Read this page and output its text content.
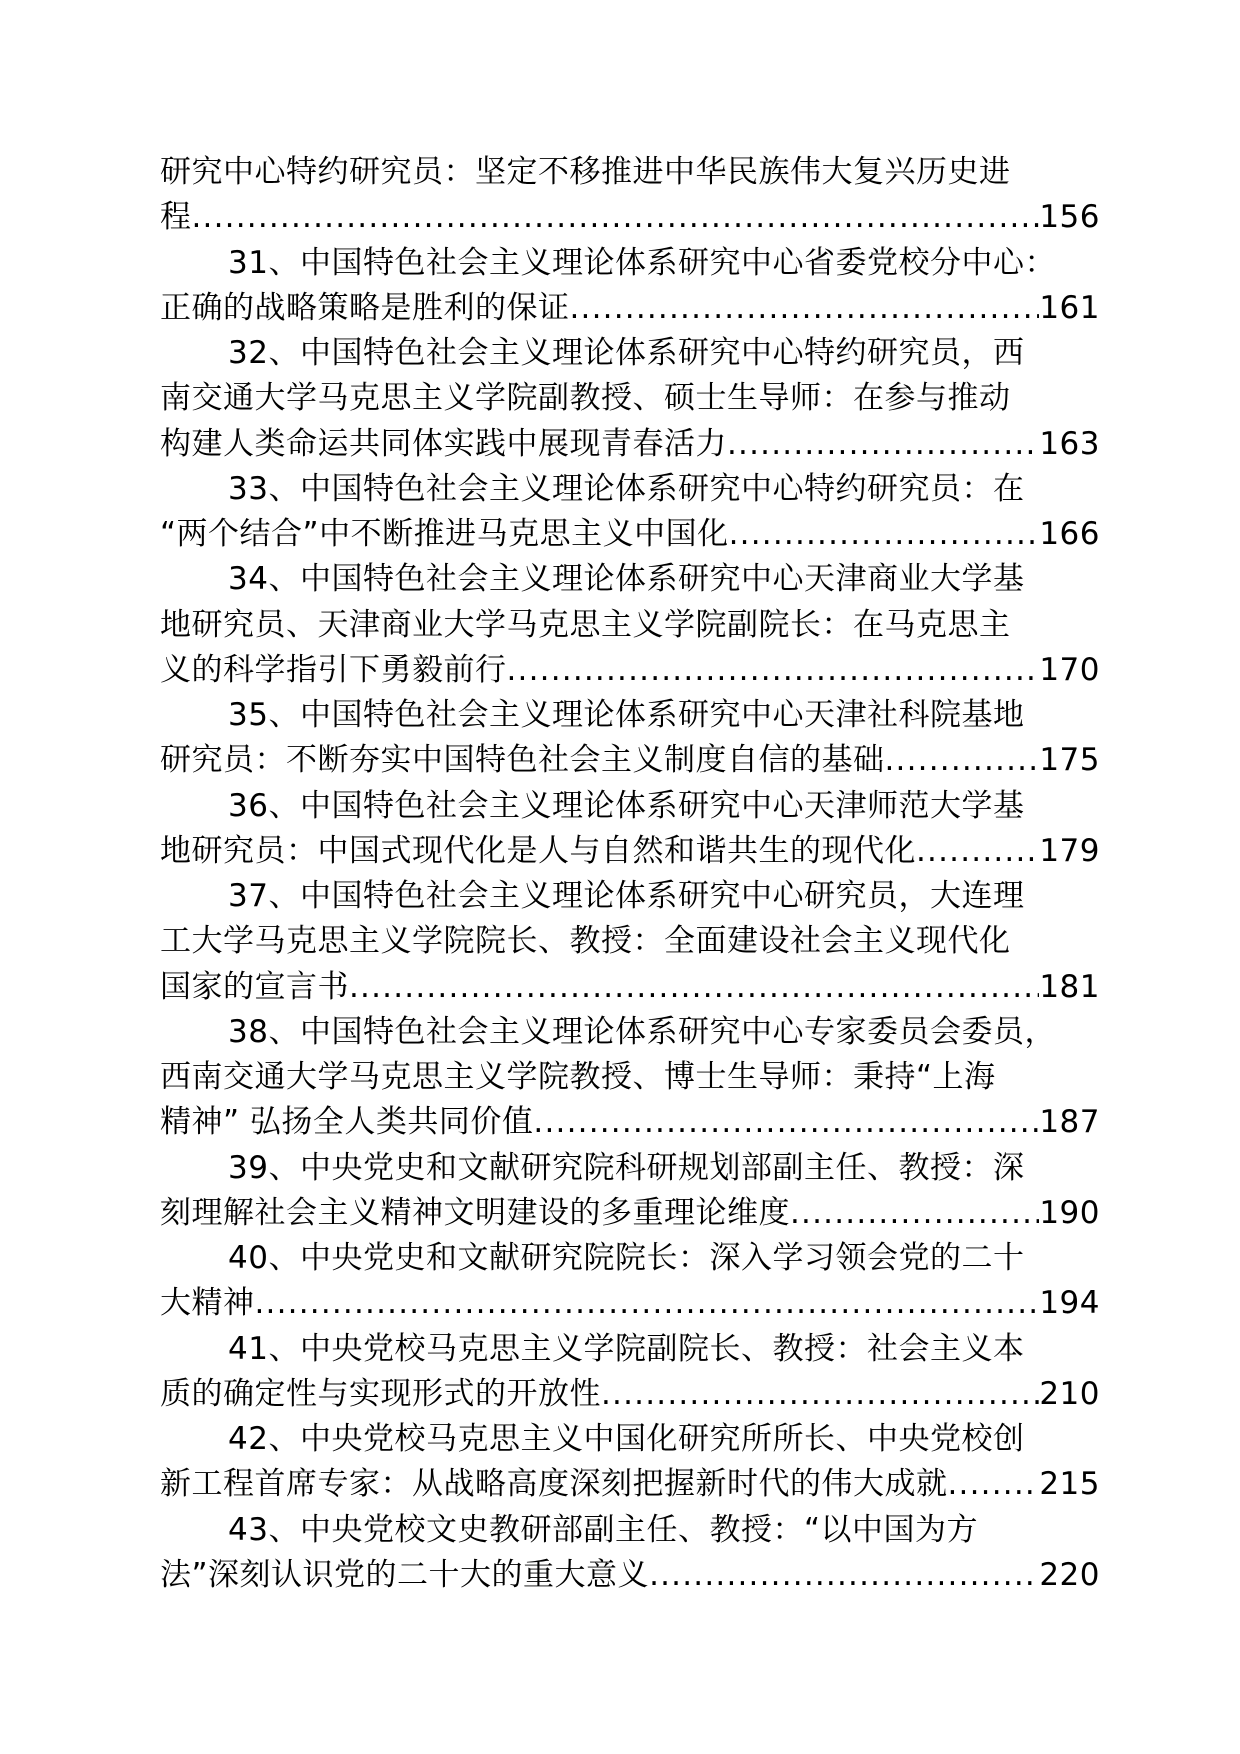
研究中心特约研究员：坚定不移推进中华民族伟大复兴历史进
程 .....	156
31、中国特色社会主义理论体系研究中心省委党校分中心：
正确的战略策略是胜利的保证 .....	161
32、中国特色社会主义理论体系研究中心特约研究员，西
南交通大学马克思主义学院副教授、硕士生导师：在参与推动
构建人类命运共同体实践中展现青春活力 .....	163
33、中国特色社会主义理论体系研究中心特约研究员：在
“两个结合”中不断推进马克思主义中国化 .....	166
34、中国特色社会主义理论体系研究中心天津商业大学基
地研究员、天津商业大学马克思主义学院副院长：在马克思主
义的科学指引下勇毅前行 .....	170
35、中国特色社会主义理论体系研究中心天津社科院基地
研究员：不断夯实中国特色社会主义制度自信的基础 .....	175
36、中国特色社会主义理论体系研究中心天津师范大学基
地研究员：中国式现代化是人与自然和谐共生的现代化 .....	179
37、中国特色社会主义理论体系研究中心研究员，大连理
工大学马克思主义学院院长、教授：全面建设社会主义现代化
国家的宣言书 .....	181
38、中国特色社会主义理论体系研究中心专家委员会委员，
西南交通大学马克思主义学院教授、博士生导师：秉持“上海
精神” 弘扬全人类共同价值 .....	187
39、中央党史和文献研究院科研规划部副主任、教授：深
刻理解社会主义精神文明建设的多重理论维度 .....	190
40、中央党史和文献研究院院长：深入学习领会党的二十
大精神 .....	194
41、中央党校马克思主义学院副院长、教授：社会主义本
质的确定性与实现形式的开放性 .....	210
42、中央党校马克思主义中国化研究所所长、中央党校创
新工程首席专家：从战略高度深刻把握新时代的伟大成就 .....	215
43、中央党校文史教研部副主任、教授：“以中国为方
法”深刻认识党的二十大的重大意义 .....	220
